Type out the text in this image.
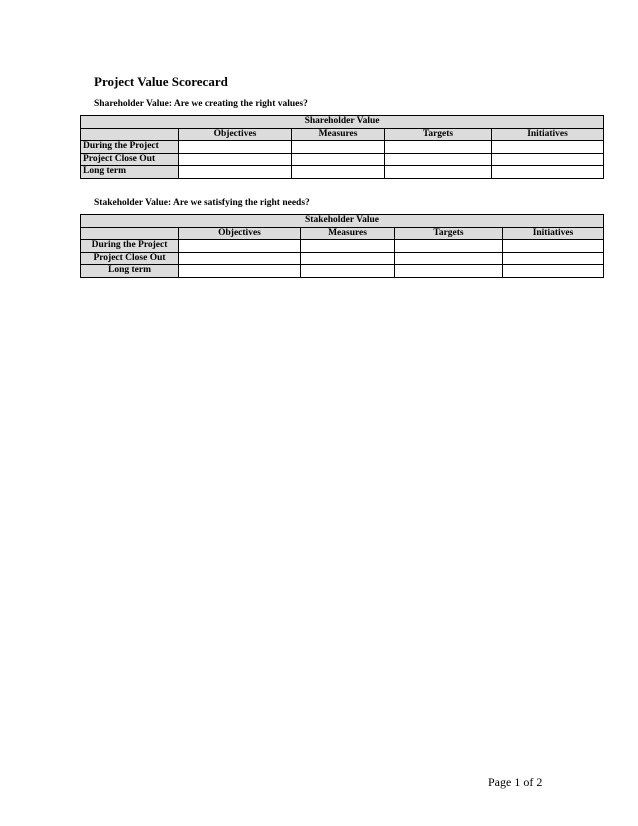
Project Value Scorecard
Shareholder Value: Are we creating the right values?
Shareholder Value				
	Objectives	Measures	Targets	Initiatives
During the Project				
Project Close Out				
Long term				
Stakeholder Value: Are we satisfying the right needs?
Stakeholder Value				
	Objectives	Measures	Targets	Initiatives
During the Project				
Project Close Out				
Long term				
Page 1 of 2
